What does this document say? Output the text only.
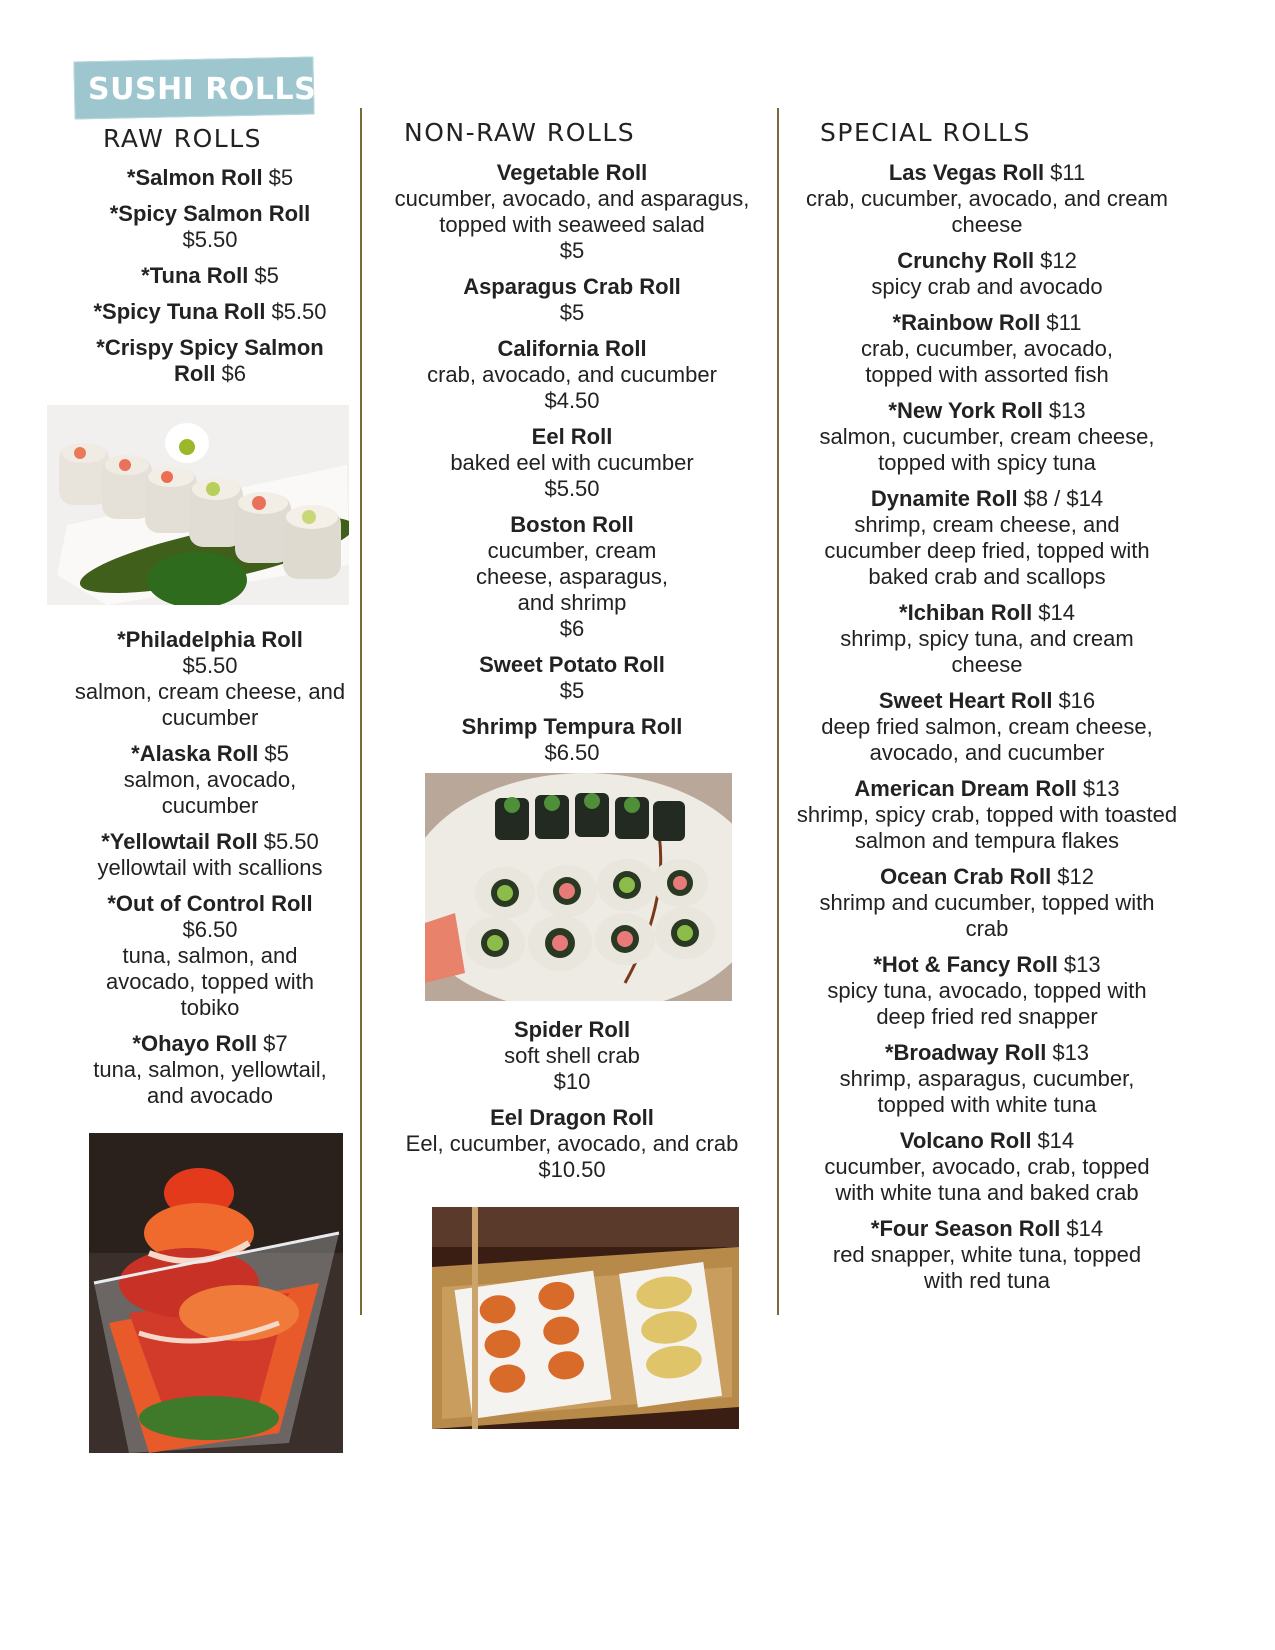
SUSHI ROLLS
RAW ROLLS	NON-RAW ROLLS	SPECIAL ROLLS
*Salmon Roll $5
*Spicy Salmon Roll
$5.50
*Tuna Roll $5
*Spicy Tuna Roll $5.50
*Crispy Spicy Salmon
Roll $6
*Philadelphia Roll
$5.50
salmon, cream cheese, and cucumber
*Alaska Roll $5
salmon, avocado, cucumber
*Yellowtail Roll $5.50
yellowtail with scallions
*Out of Control Roll
$6.50
tuna, salmon, and avocado, topped with tobiko
*Ohayo Roll $7
tuna, salmon, yellowtail, and avocado
Vegetable Roll
cucumber, avocado, and asparagus, topped with seaweed salad
$5
Asparagus Crab Roll
$5
California Roll
crab, avocado, and cucumber
$4.50
Eel Roll
baked eel with cucumber
$5.50
Boston Roll
cucumber, cream cheese, asparagus, and shrimp
$6
Sweet Potato Roll
$5
Shrimp Tempura Roll
$6.50
Spider Roll
soft shell crab
$10
Eel Dragon Roll
Eel, cucumber, avocado, and crab
$10.50
Las Vegas Roll $11
crab, cucumber, avocado, and cream cheese
Crunchy Roll $12
spicy crab and avocado
*Rainbow Roll $11
crab, cucumber, avocado, topped with assorted fish
*New York Roll $13
salmon, cucumber, cream cheese, topped with spicy tuna
Dynamite Roll $8 / $14
shrimp, cream cheese, and cucumber deep fried, topped with baked crab and scallops
*Ichiban Roll $14
shrimp, spicy tuna, and cream cheese
Sweet Heart Roll $16
deep fried salmon, cream cheese, avocado, and cucumber
American Dream Roll $13
shrimp, spicy crab, topped with toasted salmon and tempura flakes
Ocean Crab Roll $12
shrimp and cucumber, topped with crab
*Hot & Fancy Roll $13
spicy tuna, avocado, topped with deep fried red snapper
*Broadway Roll $13
shrimp, asparagus, cucumber, topped with white tuna
Volcano Roll $14
cucumber, avocado, crab, topped with white tuna and baked crab
*Four Season Roll $14
red snapper, white tuna, topped with red tuna
